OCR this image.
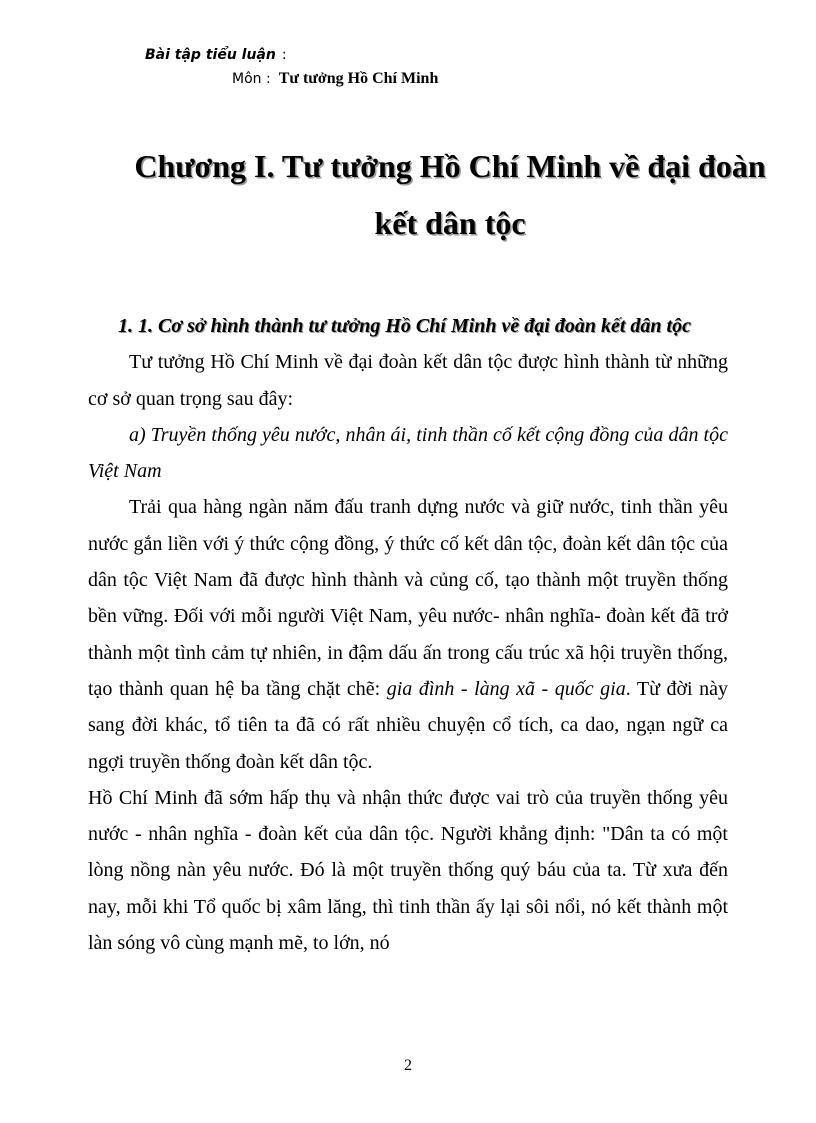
Bài tập tiểu luận :
Môn : Tư tưởng Hồ Chí Minh
Chương I. Tư tưởng Hồ Chí Minh về đại đoàn kết dân tộc

1. 1. Cơ sở hình thành tư tưởng Hồ Chí Minh về đại đoàn kết dân tộc

Tư tưởng Hồ Chí Minh về đại đoàn kết dân tộc được hình thành từ những cơ sở quan trọng sau đây:

a) Truyền thống yêu nước, nhân ái, tinh thần cố kết cộng đồng của dân tộc Việt Nam

Trải qua hàng ngàn năm đấu tranh dựng nước và giữ nước, tinh thần yêu nước gắn liền với ý thức cộng đồng, ý thức cố kết dân tộc, đoàn kết dân tộc của dân tộc Việt Nam đã được hình thành và củng cố, tạo thành một truyền thống bền vững. Đối với mỗi người Việt Nam, yêu nước- nhân nghĩa- đoàn kết đã trở thành một tình cảm tự nhiên, in đậm dấu ấn trong cấu trúc xã hội truyền thống, tạo thành quan hệ ba tầng chặt chẽ: gia đình - làng xã - quốc gia. Từ đời này sang đời khác, tổ tiên ta đã có rất nhiều chuyện cổ tích, ca dao, ngạn ngữ ca ngợi truyền thống đoàn kết dân tộc.

Hồ Chí Minh đã sớm hấp thụ và nhận thức được vai trò của truyền thống yêu nước - nhân nghĩa - đoàn kết của dân tộc. Người khẳng định: "Dân ta có một lòng nồng nàn yêu nước. Đó là một truyền thống quý báu của ta. Từ xưa đến nay, mỗi khi Tổ quốc bị xâm lăng, thì tinh thần ấy lại sôi nổi, nó kết thành một làn sóng vô cùng mạnh mẽ, to lớn, nó

2
